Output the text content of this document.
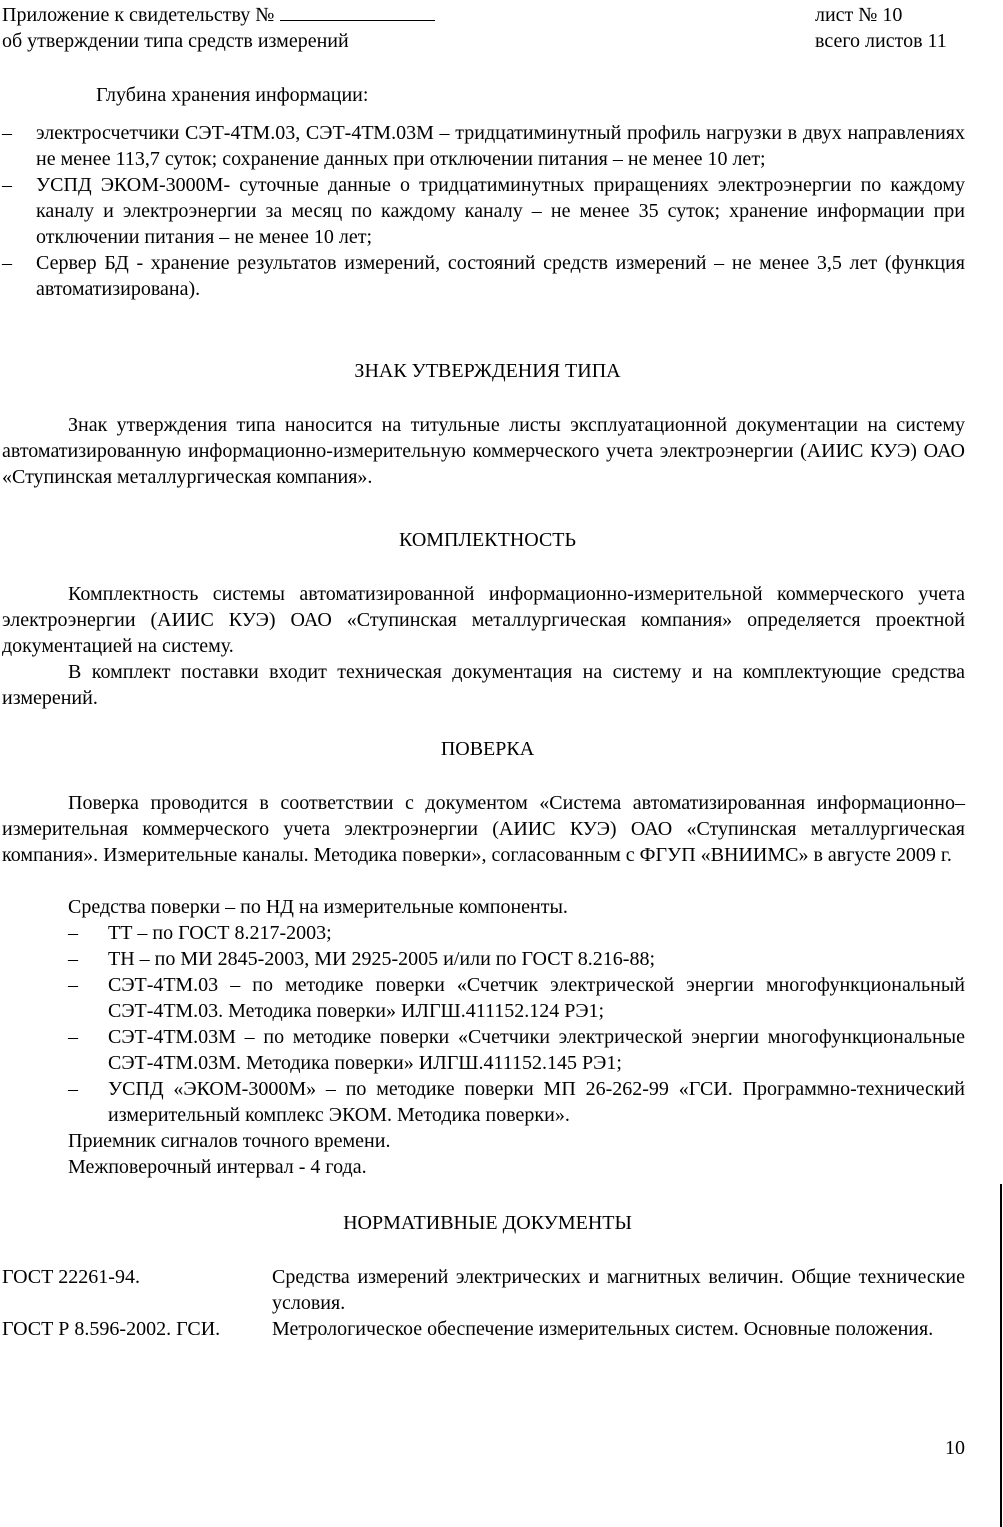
Приложение к свидетельству №
об утверждении типа средств измерений
лист № 10
всего листов 11
Глубина хранения информации:
– электросчетчики СЭТ-4ТМ.03, СЭТ-4ТМ.03М – тридцатиминутный профиль нагрузки в двух направлениях не менее 113,7 суток; сохранение данных при отключении питания – не менее 10 лет;
– УСПД ЭКОМ-3000М- суточные данные о тридцатиминутных приращениях электроэнергии по каждому каналу и электроэнергии за месяц по каждому каналу – не менее 35 суток; хранение информации при отключении питания – не менее 10 лет;
– Сервер БД - хранение результатов измерений, состояний средств измерений – не менее 3,5 лет (функция автоматизирована).
ЗНАК УТВЕРЖДЕНИЯ ТИПА

Знак утверждения типа наносится на титульные листы эксплуатационной документации на систему автоматизированную информационно-измерительную коммерческого учета электроэнергии (АИИС КУЭ) ОАО «Ступинская металлургическая компания».

КОМПЛЕКТНОСТЬ

Комплектность системы автоматизированной информационно-измерительной коммерческого учета электроэнергии (АИИС КУЭ) ОАО «Ступинская металлургическая компания» определяется проектной документацией на систему.

В комплект поставки входит техническая документация на систему и на комплектующие средства измерений.

ПОВЕРКА

Поверка проводится в соответствии с документом «Система автоматизированная информационно–измерительная коммерческого учета электроэнергии (АИИС КУЭ) ОАО «Ступинская металлургическая компания». Измерительные каналы. Методика поверки», согласованным с ФГУП «ВНИИМС» в августе 2009 г.

Средства поверки – по НД на измерительные компоненты.
– ТТ – по ГОСТ 8.217-2003;
– ТН – по МИ 2845-2003, МИ 2925-2005 и/или по ГОСТ 8.216-88;
– СЭТ-4ТМ.03 – по методике поверки «Счетчик электрической энергии многофункциональный СЭТ-4ТМ.03. Методика поверки» ИЛГШ.411152.124 РЭ1;
– СЭТ-4ТМ.03М – по методике поверки «Счетчики электрической энергии многофункциональные СЭТ-4ТМ.03М. Методика поверки» ИЛГШ.411152.145 РЭ1;
– УСПД «ЭКОМ-3000М» – по методике поверки МП 26-262-99 «ГСИ. Программно-технический измерительный комплекс ЭКОМ. Методика поверки».
Приемник сигналов точного времени.
Межповерочный интервал - 4 года.
НОРМАТИВНЫЕ ДОКУМЕНТЫ
ГОСТ 22261-94.	Средства измерений электрических и магнитных величин. Общие технические условия.
ГОСТ Р 8.596-2002. ГСИ.	Метрологическое обеспечение измерительных систем. Основные положения.
10
